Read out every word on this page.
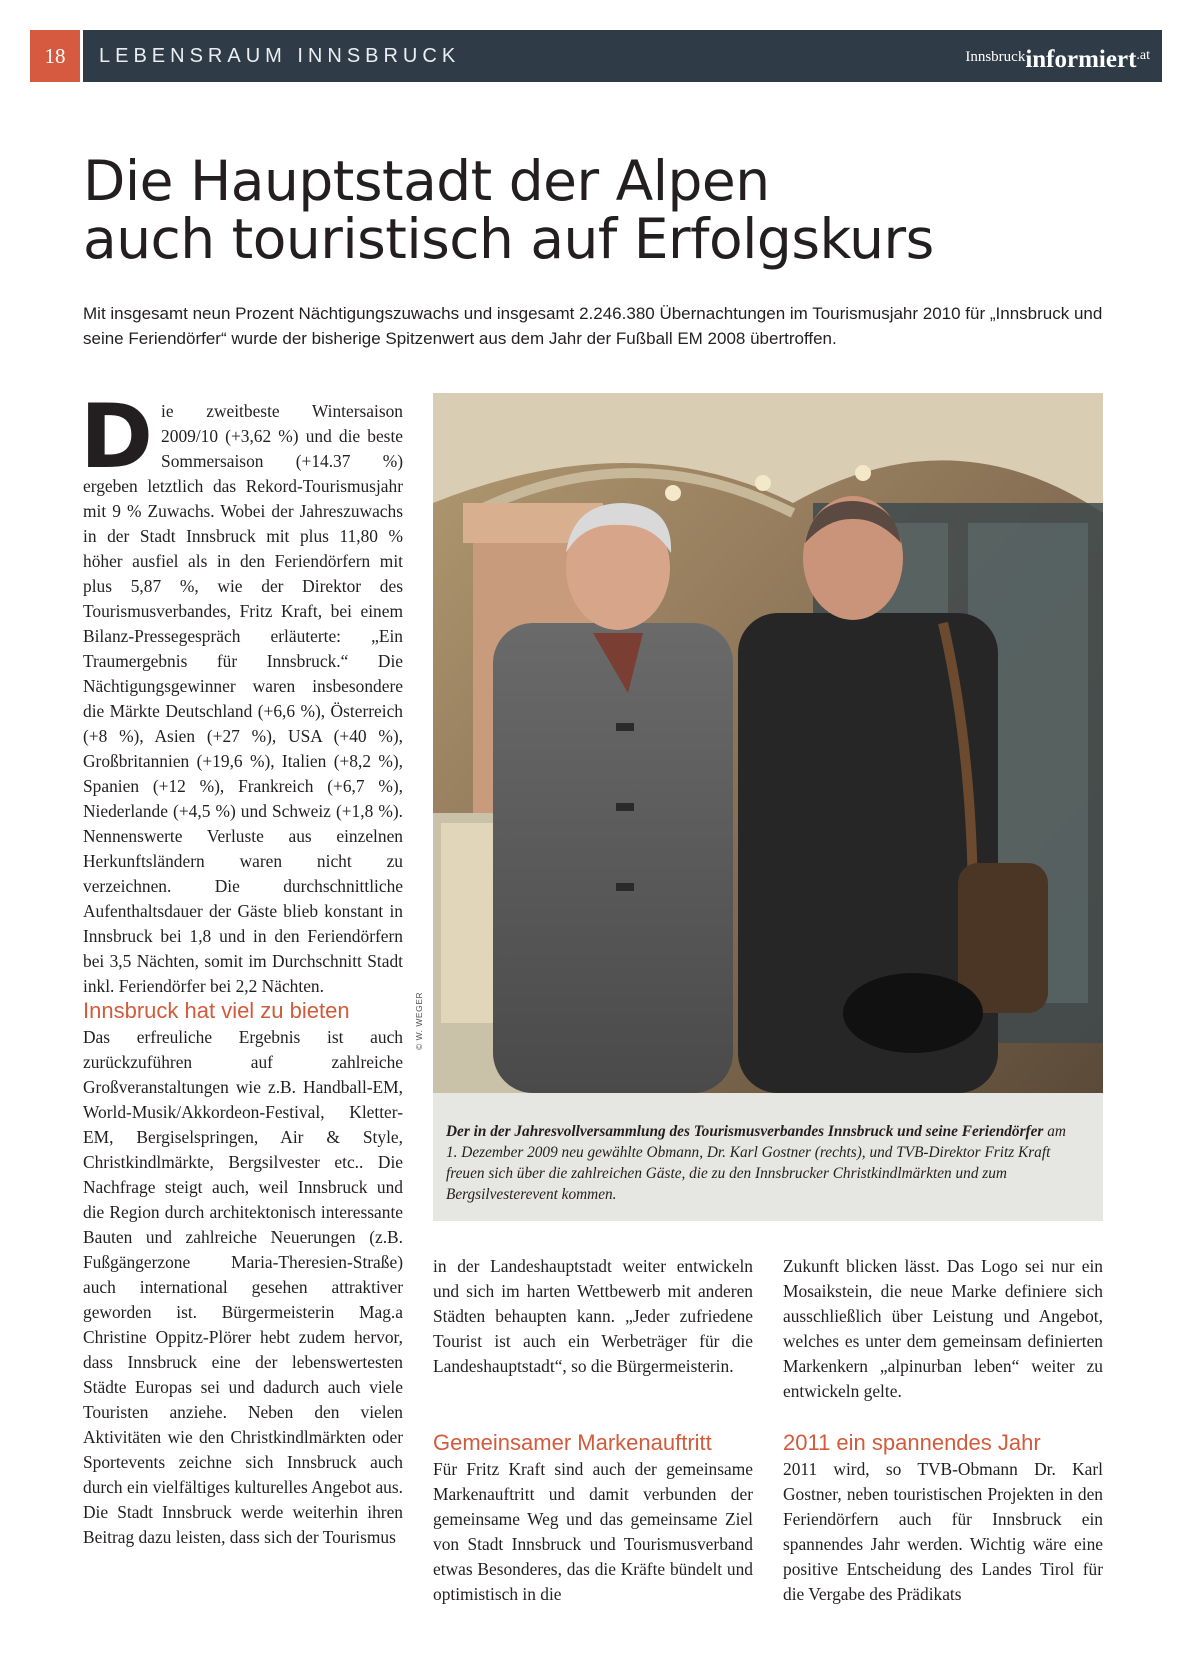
18	LEBENSRAUM INNSBRUCK	Innsbruckinformiert.at
Die Hauptstadt der Alpen
auch touristisch auf Erfolgskurs

Mit insgesamt neun Prozent Nächtigungszuwachs und insgesamt 2.246.380 Übernachtungen im Tourismusjahr 2010 für „Innsbruck und seine Feriendörfer“ wurde der bisherige Spitzenwert aus dem Jahr der Fußball EM 2008 übertroffen.

Die zweitbeste Wintersaison 2009/10 (+3,62 %) und die beste Sommersaison (+14.37 %) ergeben letztlich das Rekord-Tourismusjahr mit 9 % Zuwachs. Wobei der Jahreszuwachs in der Stadt Innsbruck mit plus 11,80 % höher ausfiel als in den Feriendörfern mit plus 5,87 %, wie der Direktor des Tourismusverbandes, Fritz Kraft, bei einem Bilanz-Pressegespräch erläuterte: „Ein Traumergebnis für Innsbruck.“ Die Nächtigungsgewinner waren insbesondere die Märkte Deutschland (+6,6 %), Österreich (+8 %), Asien (+27 %), USA (+40 %), Großbritannien (+19,6 %), Italien (+8,2 %), Spanien (+12 %), Frankreich (+6,7 %), Niederlande (+4,5 %) und Schweiz (+1,8 %). Nennenswerte Verluste aus einzelnen Herkunftsländern waren nicht zu verzeichnen. Die durchschnittliche Aufenthaltsdauer der Gäste blieb konstant in Innsbruck bei 1,8 und in den Feriendörfern bei 3,5 Nächten, somit im Durchschnitt Stadt inkl. Feriendörfer bei 2,2 Nächten.

Innsbruck hat viel zu bieten

Das erfreuliche Ergebnis ist auch zurückzuführen auf zahlreiche Großveranstaltungen wie z.B. Handball-EM, World-Musik/Akkordeon-Festival, Kletter-EM, Bergiselspringen, Air & Style, Christkindlmärkte, Bergsilvester etc.. Die Nachfrage steigt auch, weil Innsbruck und die Region durch architektonisch interessante Bauten und zahlreiche Neuerungen (z.B. Fußgängerzone Maria-Theresien-Straße) auch international gesehen attraktiver geworden ist. Bürgermeisterin Mag.a Christine Oppitz-Plörer hebt zudem hervor, dass Innsbruck eine der lebenswertesten Städte Europas sei und dadurch auch viele Touristen anziehe. Neben den vielen Aktivitäten wie den Christkindlmärkten oder Sportevents zeichne sich Innsbruck auch durch ein vielfältiges kulturelles Angebot aus. Die Stadt Innsbruck werde weiterhin ihren Beitrag dazu leisten, dass sich der Tourismus

© W. WEGER

Der in der Jahresvollversammlung des Tourismusverbandes Innsbruck und seine Feriendörfer am 1. Dezember 2009 neu gewählte Obmann, Dr. Karl Gostner (rechts), und TVB-Direktor Fritz Kraft freuen sich über die zahlreichen Gäste, die zu den Innsbrucker Christkindlmärkten und zum Bergsilvesterevent kommen.

in der Landeshauptstadt weiter entwickeln und sich im harten Wettbewerb mit anderen Städten behaupten kann. „Jeder zufriedene Tourist ist auch ein Werbeträger für die Landeshauptstadt“, so die Bürgermeisterin.

Gemeinsamer Markenauftritt

Für Fritz Kraft sind auch der gemeinsame Markenauftritt und damit verbunden der gemeinsame Weg und das gemeinsame Ziel von Stadt Innsbruck und Tourismusverband etwas Besonderes, das die Kräfte bündelt und optimistisch in die

Zukunft blicken lässt. Das Logo sei nur ein Mosaikstein, die neue Marke definiere sich ausschließlich über Leistung und Angebot, welches es unter dem gemeinsam definierten Markenkern „alpinurban leben“ weiter zu entwickeln gelte.

2011 ein spannendes Jahr

2011 wird, so TVB-Obmann Dr. Karl Gostner, neben touristischen Projekten in den Feriendörfern auch für Innsbruck ein spannendes Jahr werden. Wichtig wäre eine positive Entscheidung des Landes Tirol für die Vergabe des Prädikats
